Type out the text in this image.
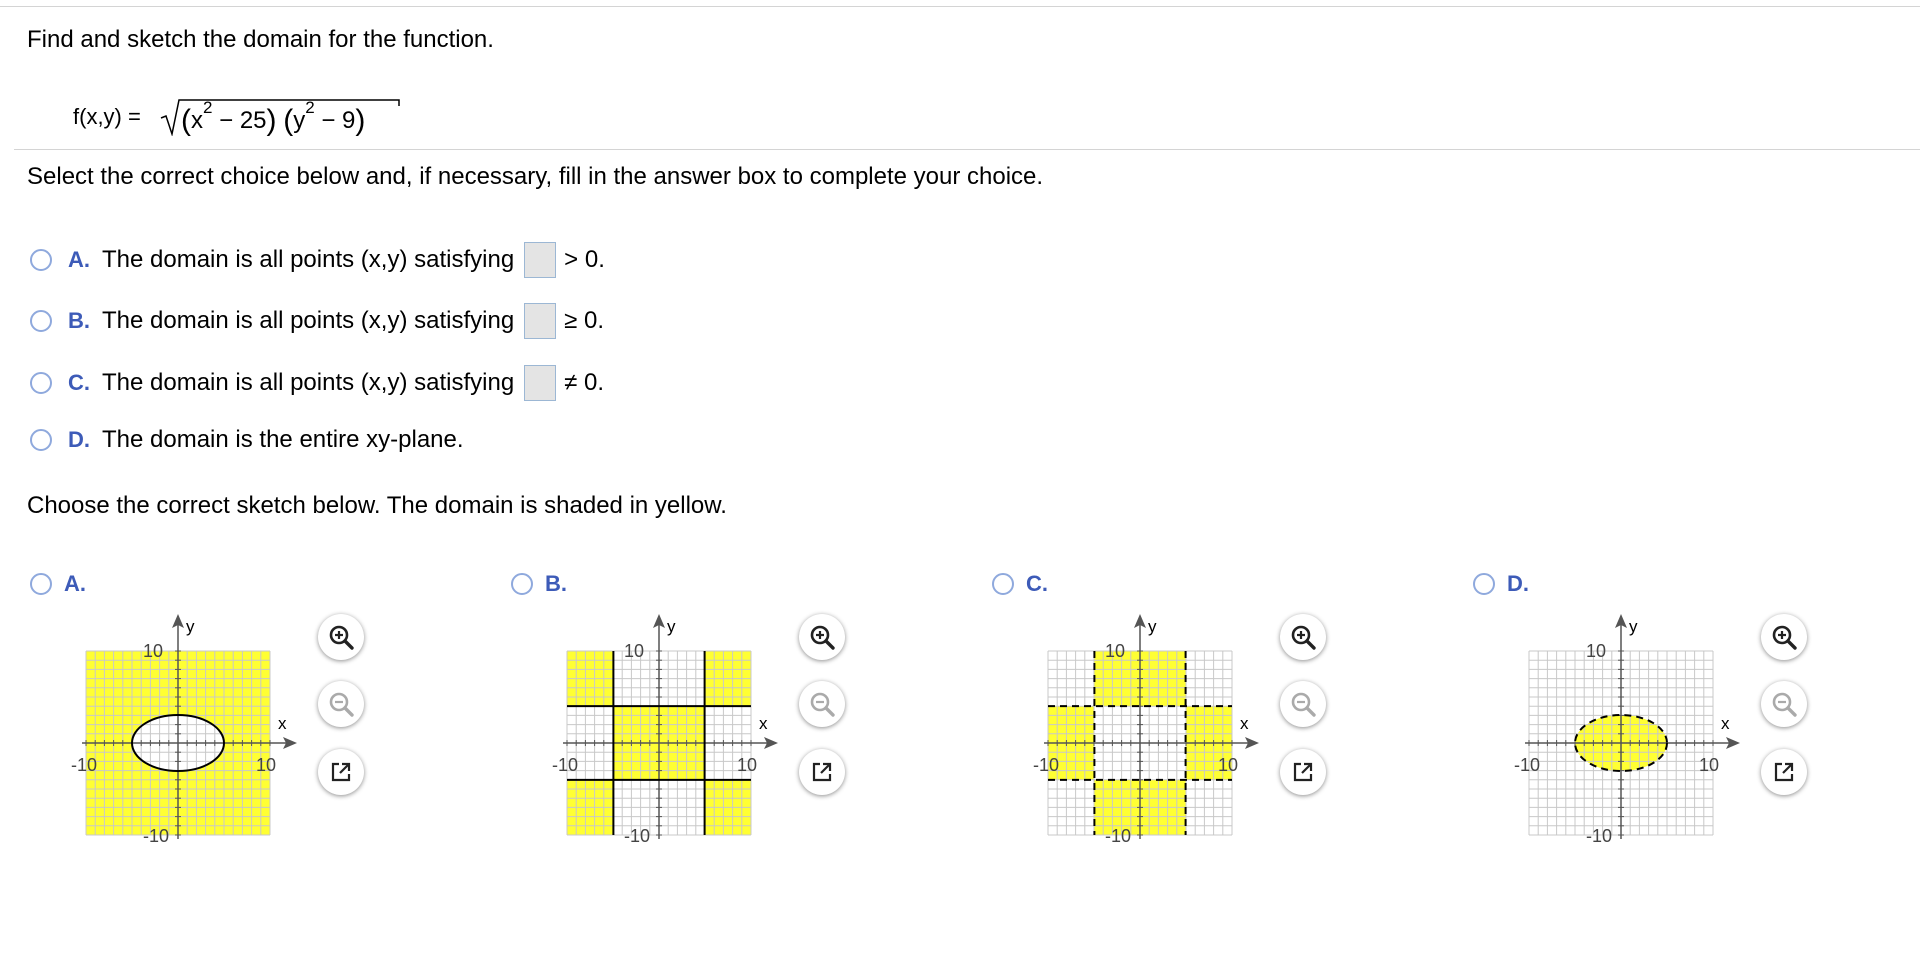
Find and sketch the domain for the function.
$f(x,y) = (x^2 - 25) (y^2 - 9)$
Select the correct choice below and, if necessary, fill in the answer box to complete your choice.
A. The domain is all points (x,y) satisfying > 0.
B. The domain is all points (x,y) satisfying ≥ 0.
C. The domain is all points (x,y) satisfying ≠ 0.
D. The domain is the entire xy-plane.
Choose the correct sketch below. The domain is shaded in yellow.
A.	B.	C.	D.
y
x
-10	10
10
-10
y
x
-10	10
10
-10
y
x
-10	10
10
-10
y
x
-10	10
10
-10
